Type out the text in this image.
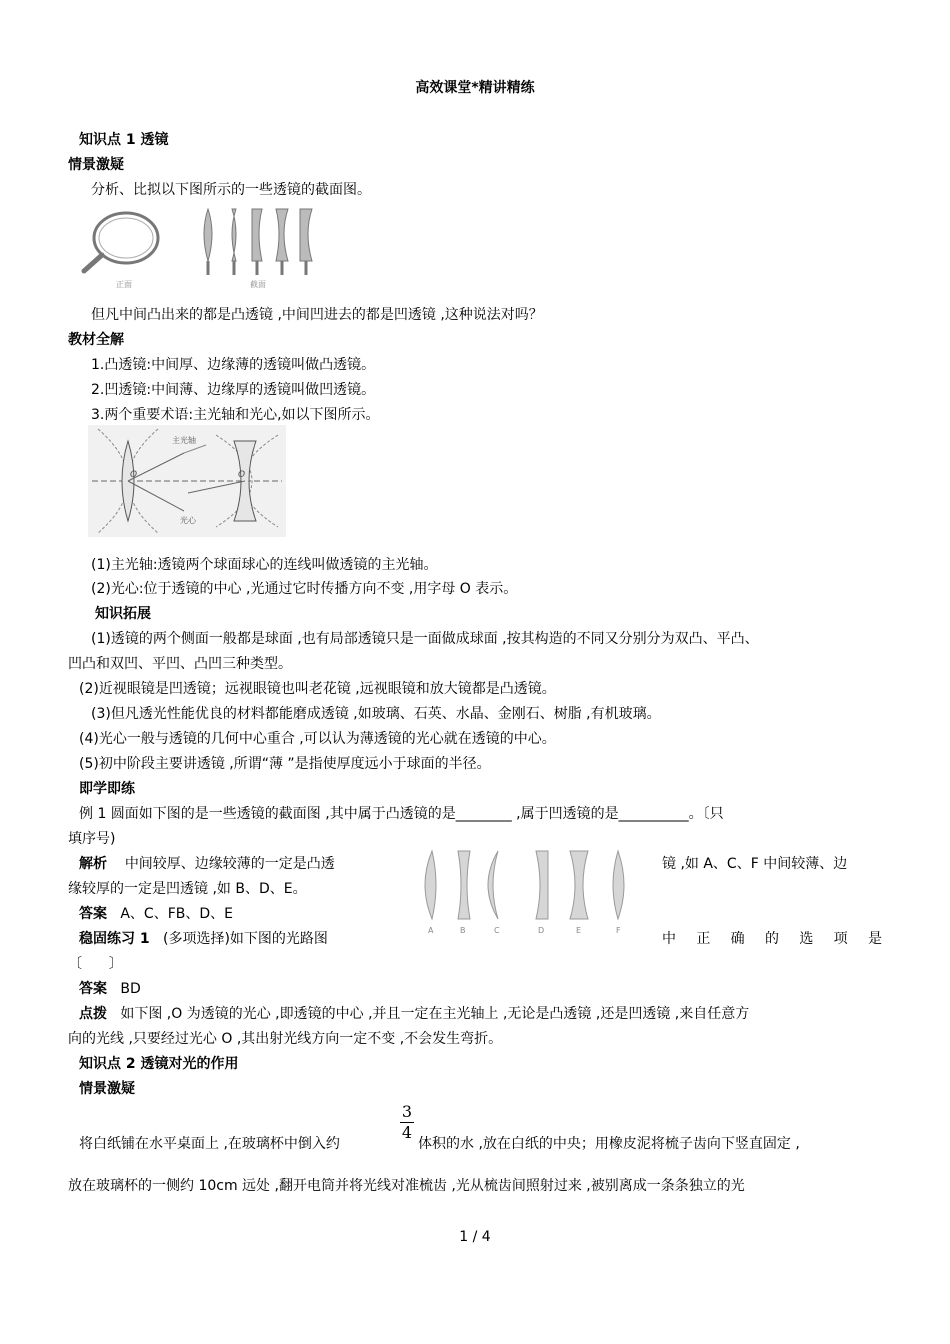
高效课堂*精讲精练
知识点 1 透镜
情景激疑
分析、比拟以下图所示的一些透镜的截面图。
正面	截面
但凡中间凸出来的都是凸透镜 ,中间凹进去的都是凹透镜 ,这种说法对吗？
教材全解
1.凸透镜:中间厚、边缘薄的透镜叫做凸透镜。
2.凹透镜:中间薄、边缘厚的透镜叫做凹透镜。
3.两个重要术语:主光轴和光心,如以下图所示。
主光轴
光心
O	O
(1)主光轴:透镜两个球面球心的连线叫做透镜的主光轴。
(2)光心:位于透镜的中心 ,光通过它时传播方向不变 ,用字母 O 表示。
知识拓展
(1)透镜的两个侧面一般都是球面 ,也有局部透镜只是一面做成球面 ,按其构造的不同又分别分为双凸、平凸、
凹凸和双凹、平凹、凸凹三种类型。
(2)近视眼镜是凹透镜；远视眼镜也叫老花镜 ,远视眼镜和放大镜都是凸透镜。
(3)但凡透光性能优良的材料都能磨成透镜 ,如玻璃、石英、水晶、金刚石、树脂 ,有机玻璃。
(4)光心一般与透镜的几何中心重合 ,可以认为薄透镜的光心就在透镜的中心。
(5)初中阶段主要讲透镜 ,所谓“薄 ”是指使厚度远小于球面的半径。
即学即练
例 1 圆面如下图的是一些透镜的截面图 ,其中属于凸透镜的是________ ,属于凹透镜的是__________。〔只
填序号)
解析 中间较厚、边缘较薄的一定是凸透	镜 ,如 A、C、F 中间较薄、边
缘较厚的一定是凹透镜 ,如 B、D、E。
A	B	C	D	E	F
答案 A、C、FB、D、E
稳固练习 1 (多项选择)如下图的光路图	中 正 确 的 选 项 是
〔      〕
答案 BD
点拨 如下图 ,O 为透镜的光心 ,即透镜的中心 ,并且一定在主光轴上 ,无论是凸透镜 ,还是凹透镜 ,来自任意方
向的光线 ,只要经过光心 O ,其出射光线方向一定不变 ,不会发生弯折。
知识点 2 透镜对光的作用
情景激疑
3
4
将白纸铺在水平桌面上 ,在玻璃杯中倒入约	体积的水 ,放在白纸的中央；用橡皮泥将梳子齿向下竖直固定 ,
放在玻璃杯的一侧约 10cm 远处 ,翻开电筒并将光线对准梳齿 ,光从梳齿间照射过来 ,被别离成一条条独立的光
1 / 4
